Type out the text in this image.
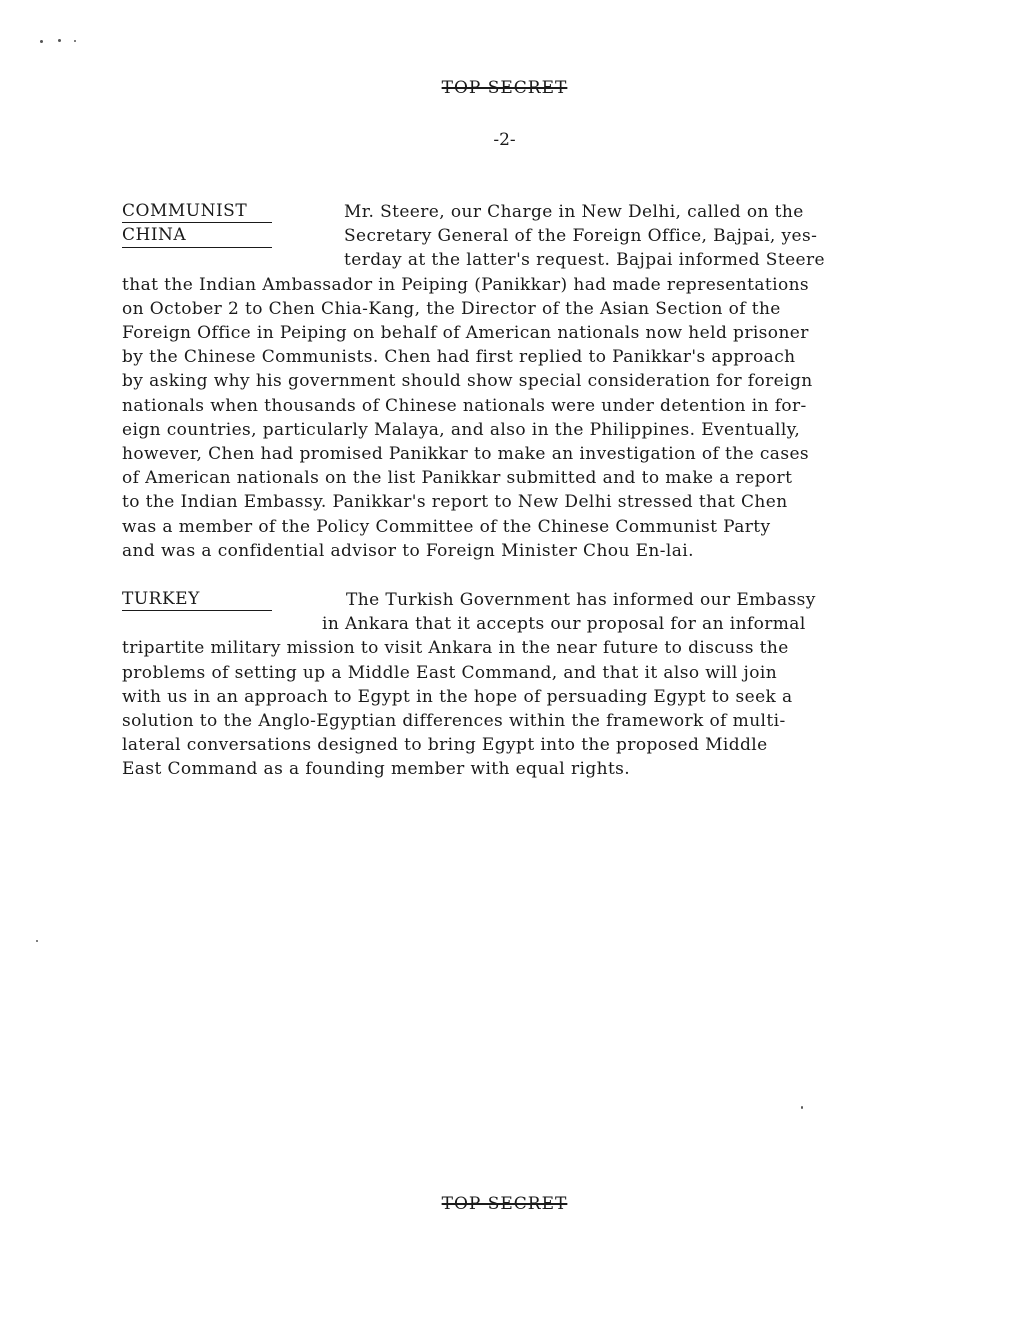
TOP SECRET
-2-
COMMUNIST
CHINA
Mr. Steere, our Charge in New Delhi, called on the
Secretary General of the Foreign Office, Bajpai, yes-
terday at the latter's request. Bajpai informed Steere
that the Indian Ambassador in Peiping (Panikkar) had made representations
on October 2 to Chen Chia-Kang, the Director of the Asian Section of the
Foreign Office in Peiping on behalf of American nationals now held prisoner
by the Chinese Communists. Chen had first replied to Panikkar's approach
by asking why his government should show special consideration for foreign
nationals when thousands of Chinese nationals were under detention in for-
eign countries, particularly Malaya, and also in the Philippines. Eventually,
however, Chen had promised Panikkar to make an investigation of the cases
of American nationals on the list Panikkar submitted and to make a report
to the Indian Embassy. Panikkar's report to New Delhi stressed that Chen
was a member of the Policy Committee of the Chinese Communist Party
and was a confidential advisor to Foreign Minister Chou En-lai.
TURKEY	The Turkish Government has informed our Embassy
in Ankara that it accepts our proposal for an informal
tripartite military mission to visit Ankara in the near future to discuss the
problems of setting up a Middle East Command, and that it also will join
with us in an approach to Egypt in the hope of persuading Egypt to seek a
solution to the Anglo-Egyptian differences within the framework of multi-
lateral conversations designed to bring Egypt into the proposed Middle
East Command as a founding member with equal rights.
TOP SECRET
